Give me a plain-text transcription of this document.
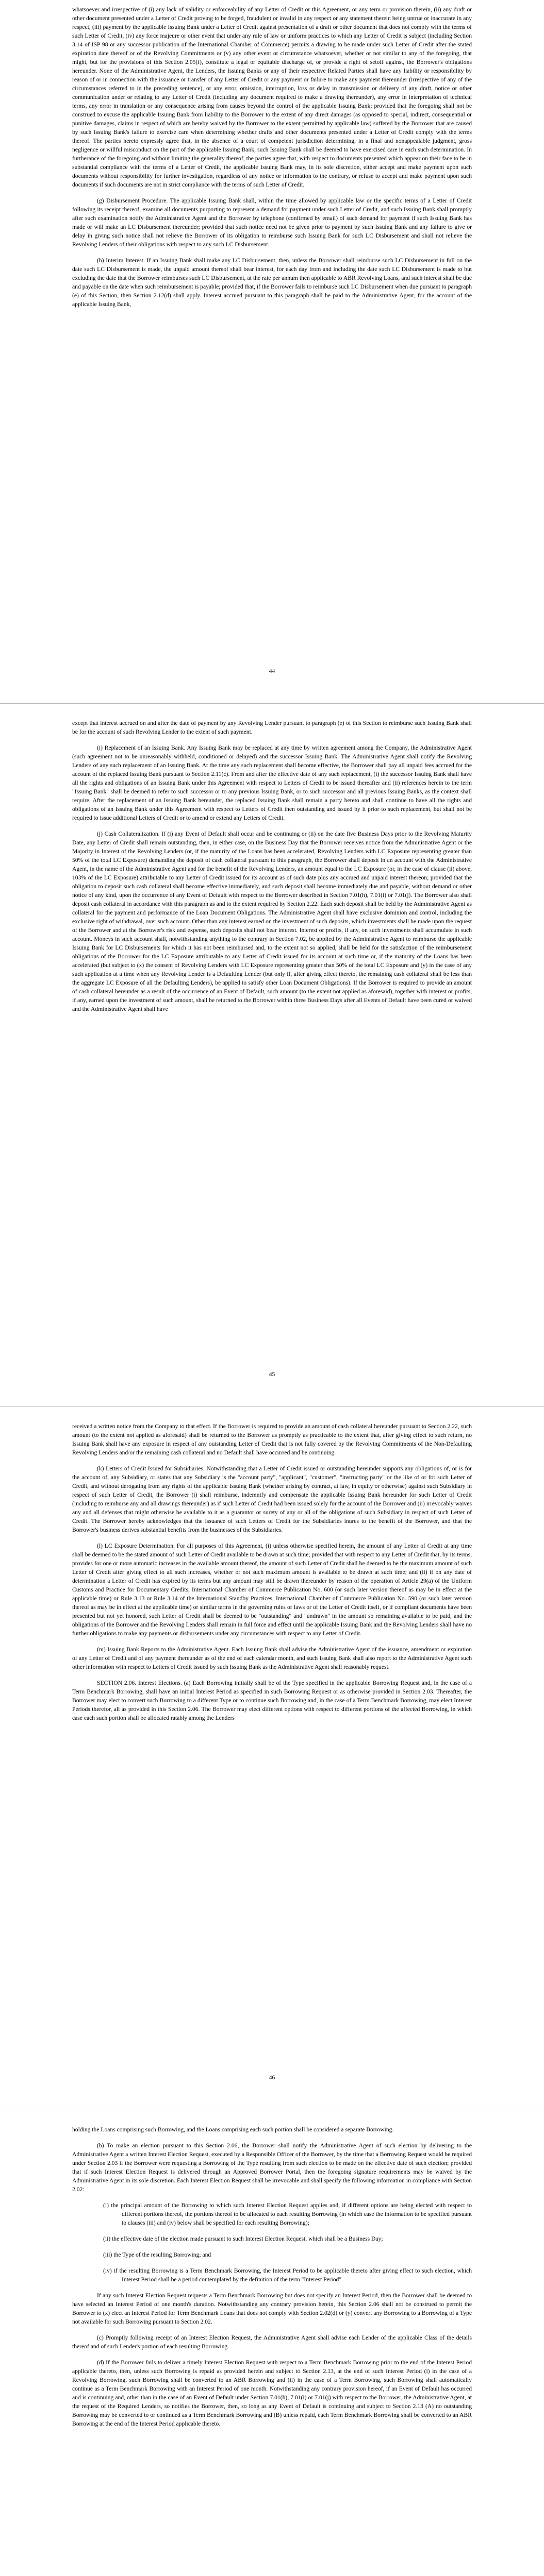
whatsoever and irrespective of (i) any lack of validity or enforceability of any Letter of Credit or this Agreement, or any term or provision therein, (ii) any draft or other document presented under a Letter of Credit proving to be forged, fraudulent or invalid in any respect or any statement therein being untrue or inaccurate in any respect, (iii) payment by the applicable Issuing Bank under a Letter of Credit against presentation of a draft or other document that does not comply with the terms of such Letter of Credit, (iv) any force majeure or other event that under any rule of law or uniform practices to which any Letter of Credit is subject (including Section 3.14 of ISP 98 or any successor publication of the International Chamber of Commerce) permits a drawing to be made under such Letter of Credit after the stated expiration date thereof or of the Revolving Commitments or (v) any other event or circumstance whatsoever, whether or not similar to any of the foregoing, that might, but for the provisions of this Section 2.05(f), constitute a legal or equitable discharge of, or provide a right of setoff against, the Borrower's obligations hereunder. None of the Administrative Agent, the Lenders, the Issuing Banks or any of their respective Related Parties shall have any liability or responsibility by reason of or in connection with the issuance or transfer of any Letter of Credit or any payment or failure to make any payment thereunder (irrespective of any of the circumstances referred to in the preceding sentence), or any error, omission, interruption, loss or delay in transmission or delivery of any draft, notice or other communication under or relating to any Letter of Credit (including any document required to make a drawing thereunder), any error in interpretation of technical terms, any error in translation or any consequence arising from causes beyond the control of the applicable Issuing Bank; provided that the foregoing shall not be construed to excuse the applicable Issuing Bank from liability to the Borrower to the extent of any direct damages (as opposed to special, indirect, consequential or punitive damages, claims in respect of which are hereby waived by the Borrower to the extent permitted by applicable law) suffered by the Borrower that are caused by such Issuing Bank's failure to exercise care when determining whether drafts and other documents presented under a Letter of Credit comply with the terms thereof. The parties hereto expressly agree that, in the absence of a court of competent jurisdiction determining, in a final and nonappealable judgment, gross negligence or willful misconduct on the part of the applicable Issuing Bank, such Issuing Bank shall be deemed to have exercised care in each such determination. In furtherance of the foregoing and without limiting the generality thereof, the parties agree that, with respect to documents presented which appear on their face to be in substantial compliance with the terms of a Letter of Credit, the applicable Issuing Bank may, in its sole discretion, either accept and make payment upon such documents without responsibility for further investigation, regardless of any notice or information to the contrary, or refuse to accept and make payment upon such documents if such documents are not in strict compliance with the terms of such Letter of Credit.

(g) Disbursement Procedure. The applicable Issuing Bank shall, within the time allowed by applicable law or the specific terms of a Letter of Credit following its receipt thereof, examine all documents purporting to represent a demand for payment under such Letter of Credit, and such Issuing Bank shall promptly after such examination notify the Administrative Agent and the Borrower by telephone (confirmed by email) of such demand for payment if such Issuing Bank has made or will make an LC Disbursement thereunder; provided that such notice need not be given prior to payment by such Issuing Bank and any failure to give or delay in giving such notice shall not relieve the Borrower of its obligation to reimburse such Issuing Bank for such LC Disbursement and shall not relieve the Revolving Lenders of their obligations with respect to any such LC Disbursement.

(h) Interim Interest. If an Issuing Bank shall make any LC Disbursement, then, unless the Borrower shall reimburse such LC Disbursement in full on the date such LC Disbursement is made, the unpaid amount thereof shall bear interest, for each day from and including the date such LC Disbursement is made to but excluding the date that the Borrower reimburses such LC Disbursement, at the rate per annum then applicable to ABR Revolving Loans, and such interest shall be due and payable on the date when such reimbursement is payable; provided that, if the Borrower fails to reimburse such LC Disbursement when due pursuant to paragraph (e) of this Section, then Section 2.12(d) shall apply. Interest accrued pursuant to this paragraph shall be paid to the Administrative Agent, for the account of the applicable Issuing Bank,

44

except that interest accrued on and after the date of payment by any Revolving Lender pursuant to paragraph (e) of this Section to reimburse such Issuing Bank shall be for the account of such Revolving Lender to the extent of such payment.

(i) Replacement of an Issuing Bank. Any Issuing Bank may be replaced at any time by written agreement among the Company, the Administrative Agent (such agreement not to be unreasonably withheld, conditioned or delayed) and the successor Issuing Bank. The Administrative Agent shall notify the Revolving Lenders of any such replacement of an Issuing Bank. At the time any such replacement shall become effective, the Borrower shall pay all unpaid fees accrued for the account of the replaced Issuing Bank pursuant to Section 2.11(c). From and after the effective date of any such replacement, (i) the successor Issuing Bank shall have all the rights and obligations of an Issuing Bank under this Agreement with respect to Letters of Credit to be issued thereafter and (ii) references herein to the term "Issuing Bank" shall be deemed to refer to such successor or to any previous Issuing Bank, or to such successor and all previous Issuing Banks, as the context shall require. After the replacement of an Issuing Bank hereunder, the replaced Issuing Bank shall remain a party hereto and shall continue to have all the rights and obligations of an Issuing Bank under this Agreement with respect to Letters of Credit then outstanding and issued by it prior to such replacement, but shall not be required to issue additional Letters of Credit or to amend or extend any Letters of Credit.

(j) Cash Collateralization. If (i) any Event of Default shall occur and be continuing or (ii) on the date five Business Days prior to the Revolving Maturity Date, any Letter of Credit shall remain outstanding, then, in either case, on the Business Day that the Borrower receives notice from the Administrative Agent or the Majority in Interest of the Revolving Lenders (or, if the maturity of the Loans has been accelerated, Revolving Lenders with LC Exposure representing greater than 50% of the total LC Exposure) demanding the deposit of cash collateral pursuant to this paragraph, the Borrower shall deposit in an account with the Administrative Agent, in the name of the Administrative Agent and for the benefit of the Revolving Lenders, an amount equal to the LC Exposure (or, in the case of clause (ii) above, 103% of the LC Exposure) attributable to any Letter of Credit issued for its account as of such date plus any accrued and unpaid interest thereon; provided that the obligation to deposit such cash collateral shall become effective immediately, and such deposit shall become immediately due and payable, without demand or other notice of any kind, upon the occurrence of any Event of Default with respect to the Borrower described in Section 7.01(h), 7.01(i) or 7.01(j). The Borrower also shall deposit cash collateral in accordance with this paragraph as and to the extent required by Section 2.22. Each such deposit shall be held by the Administrative Agent as collateral for the payment and performance of the Loan Document Obligations. The Administrative Agent shall have exclusive dominion and control, including the exclusive right of withdrawal, over such account. Other than any interest earned on the investment of such deposits, which investments shall be made upon the request of the Borrower and at the Borrower's risk and expense, such deposits shall not bear interest. Interest or profits, if any, on such investments shall accumulate in such account. Moneys in such account shall, notwithstanding anything to the contrary in Section 7.02, be applied by the Administrative Agent to reimburse the applicable Issuing Bank for LC Disbursements for which it has not been reimbursed and, to the extent not so applied, shall be held for the satisfaction of the reimbursement obligations of the Borrower for the LC Exposure attributable to any Letter of Credit issued for its account at such time or, if the maturity of the Loans has been accelerated (but subject to (x) the consent of Revolving Lenders with LC Exposure representing greater than 50% of the total LC Exposure and (y) in the case of any such application at a time when any Revolving Lender is a Defaulting Lender (but only if, after giving effect thereto, the remaining cash collateral shall be less than the aggregate LC Exposure of all the Defaulting Lenders), be applied to satisfy other Loan Document Obligations). If the Borrower is required to provide an amount of cash collateral hereunder as a result of the occurrence of an Event of Default, such amount (to the extent not applied as aforesaid), together with interest or profits, if any, earned upon the investment of such amount, shall be returned to the Borrower within three Business Days after all Events of Default have been cured or waived and the Administrative Agent shall have

45

received a written notice from the Company to that effect. If the Borrower is required to provide an amount of cash collateral hereunder pursuant to Section 2.22, such amount (to the extent not applied as aforesaid) shall be returned to the Borrower as promptly as practicable to the extent that, after giving effect to such return, no Issuing Bank shall have any exposure in respect of any outstanding Letter of Credit that is not fully covered by the Revolving Commitments of the Non-Defaulting Revolving Lenders and/or the remaining cash collateral and no Default shall have occurred and be continuing.

(k) Letters of Credit Issued for Subsidiaries. Notwithstanding that a Letter of Credit issued or outstanding hereunder supports any obligations of, or is for the account of, any Subsidiary, or states that any Subsidiary is the "account party", "applicant", "customer", "instructing party" or the like of or for such Letter of Credit, and without derogating from any rights of the applicable Issuing Bank (whether arising by contract, at law, in equity or otherwise) against such Subsidiary in respect of such Letter of Credit, the Borrower (i) shall reimburse, indemnify and compensate the applicable Issuing Bank hereunder for such Letter of Credit (including to reimburse any and all drawings thereunder) as if such Letter of Credit had been issued solely for the account of the Borrower and (ii) irrevocably waives any and all defenses that might otherwise be available to it as a guarantor or surety of any or all of the obligations of such Subsidiary in respect of such Letter of Credit. The Borrower hereby acknowledges that the issuance of such Letters of Credit for the Subsidiaries inures to the benefit of the Borrower, and that the Borrower's business derives substantial benefits from the businesses of the Subsidiaries.

(l) LC Exposure Determination. For all purposes of this Agreement, (i) unless otherwise specified herein, the amount of any Letter of Credit at any time shall be deemed to be the stated amount of such Letter of Credit available to be drawn at such time; provided that with respect to any Letter of Credit that, by its terms, provides for one or more automatic increases in the available amount thereof, the amount of such Letter of Credit shall be deemed to be the maximum amount of such Letter of Credit after giving effect to all such increases, whether or not such maximum amount is available to be drawn at such time; and (ii) if on any date of determination a Letter of Credit has expired by its terms but any amount may still be drawn thereunder by reason of the operation of Article 29(a) of the Uniform Customs and Practice for Documentary Credits, International Chamber of Commerce Publication No. 600 (or such later version thereof as may be in effect at the applicable time) or Rule 3.13 or Rule 3.14 of the International Standby Practices, International Chamber of Commerce Publication No. 590 (or such later version thereof as may be in effect at the applicable time) or similar terms in the governing rules or laws or of the Letter of Credit itself, or if compliant documents have been presented but not yet honored, such Letter of Credit shall be deemed to be "outstanding" and "undrawn" in the amount so remaining available to be paid, and the obligations of the Borrower and the Revolving Lenders shall remain in full force and effect until the applicable Issuing Bank and the Revolving Lenders shall have no further obligations to make any payments or disbursements under any circumstances with respect to any Letter of Credit.

(m) Issuing Bank Reports to the Administrative Agent. Each Issuing Bank shall advise the Administrative Agent of the issuance, amendment or expiration of any Letter of Credit and of any payment thereunder as of the end of each calendar month, and such Issuing Bank shall also report to the Administrative Agent such other information with respect to Letters of Credit issued by such Issuing Bank as the Administrative Agent shall reasonably request.

SECTION 2.06. Interest Elections. (a) Each Borrowing initially shall be of the Type specified in the applicable Borrowing Request and, in the case of a Term Benchmark Borrowing, shall have an initial Interest Period as specified in such Borrowing Request or as otherwise provided in Section 2.03. Thereafter, the Borrower may elect to convert such Borrowing to a different Type or to continue such Borrowing and, in the case of a Term Benchmark Borrowing, may elect Interest Periods therefor, all as provided in this Section 2.06. The Borrower may elect different options with respect to different portions of the affected Borrowing, in which case each such portion shall be allocated ratably among the Lenders

46

holding the Loans comprising such Borrowing, and the Loans comprising each such portion shall be considered a separate Borrowing.

(b) To make an election pursuant to this Section 2.06, the Borrower shall notify the Administrative Agent of such election by delivering to the Administrative Agent a written Interest Election Request, executed by a Responsible Officer of the Borrower, by the time that a Borrowing Request would be required under Section 2.03 if the Borrower were requesting a Borrowing of the Type resulting from such election to be made on the effective date of such election; provided that if such Interest Election Request is delivered through an Approved Borrower Portal, then the foregoing signature requirements may be waived by the Administrative Agent in its sole discretion. Each Interest Election Request shall be irrevocable and shall specify the following information in compliance with Section 2.02:

(i) the principal amount of the Borrowing to which such Interest Election Request applies and, if different options are being elected with respect to different portions thereof, the portions thereof to be allocated to each resulting Borrowing (in which case the information to be specified pursuant to clauses (iii) and (iv) below shall be specified for each resulting Borrowing);

(ii) the effective date of the election made pursuant to such Interest Election Request, which shall be a Business Day;

(iii) the Type of the resulting Borrowing; and

(iv) if the resulting Borrowing is a Term Benchmark Borrowing, the Interest Period to be applicable thereto after giving effect to such election, which Interest Period shall be a period contemplated by the definition of the term "Interest Period".

If any such Interest Election Request requests a Term Benchmark Borrowing but does not specify an Interest Period, then the Borrower shall be deemed to have selected an Interest Period of one month's duration. Notwithstanding any contrary provision herein, this Section 2.06 shall not be construed to permit the Borrower to (x) elect an Interest Period for Term Benchmark Loans that does not comply with Section 2.02(d) or (y) convert any Borrowing to a Borrowing of a Type not available for such Borrowing pursuant to Section 2.02.

(c) Promptly following receipt of an Interest Election Request, the Administrative Agent shall advise each Lender of the applicable Class of the details thereof and of such Lender's portion of each resulting Borrowing.

(d) If the Borrower fails to deliver a timely Interest Election Request with respect to a Term Benchmark Borrowing prior to the end of the Interest Period applicable thereto, then, unless such Borrowing is repaid as provided herein and subject to Section 2.13, at the end of such Interest Period (i) in the case of a Revolving Borrowing, such Borrowing shall be converted to an ABR Borrowing and (ii) in the case of a Term Borrowing, such Borrowing shall automatically continue as a Term Benchmark Borrowing with an Interest Period of one month. Notwithstanding any contrary provision hereof, if an Event of Default has occurred and is continuing and, other than in the case of an Event of Default under Section 7.01(h), 7.01(i) or 7.01(j) with respect to the Borrower, the Administrative Agent, at the request of the Required Lenders, so notifies the Borrower, then, so long as any Event of Default is continuing and subject to Section 2.13 (A) no outstanding Borrowing may be converted to or continued as a Term Benchmark Borrowing and (B) unless repaid, each Term Benchmark Borrowing shall be converted to an ABR Borrowing at the end of the Interest Period applicable thereto.
